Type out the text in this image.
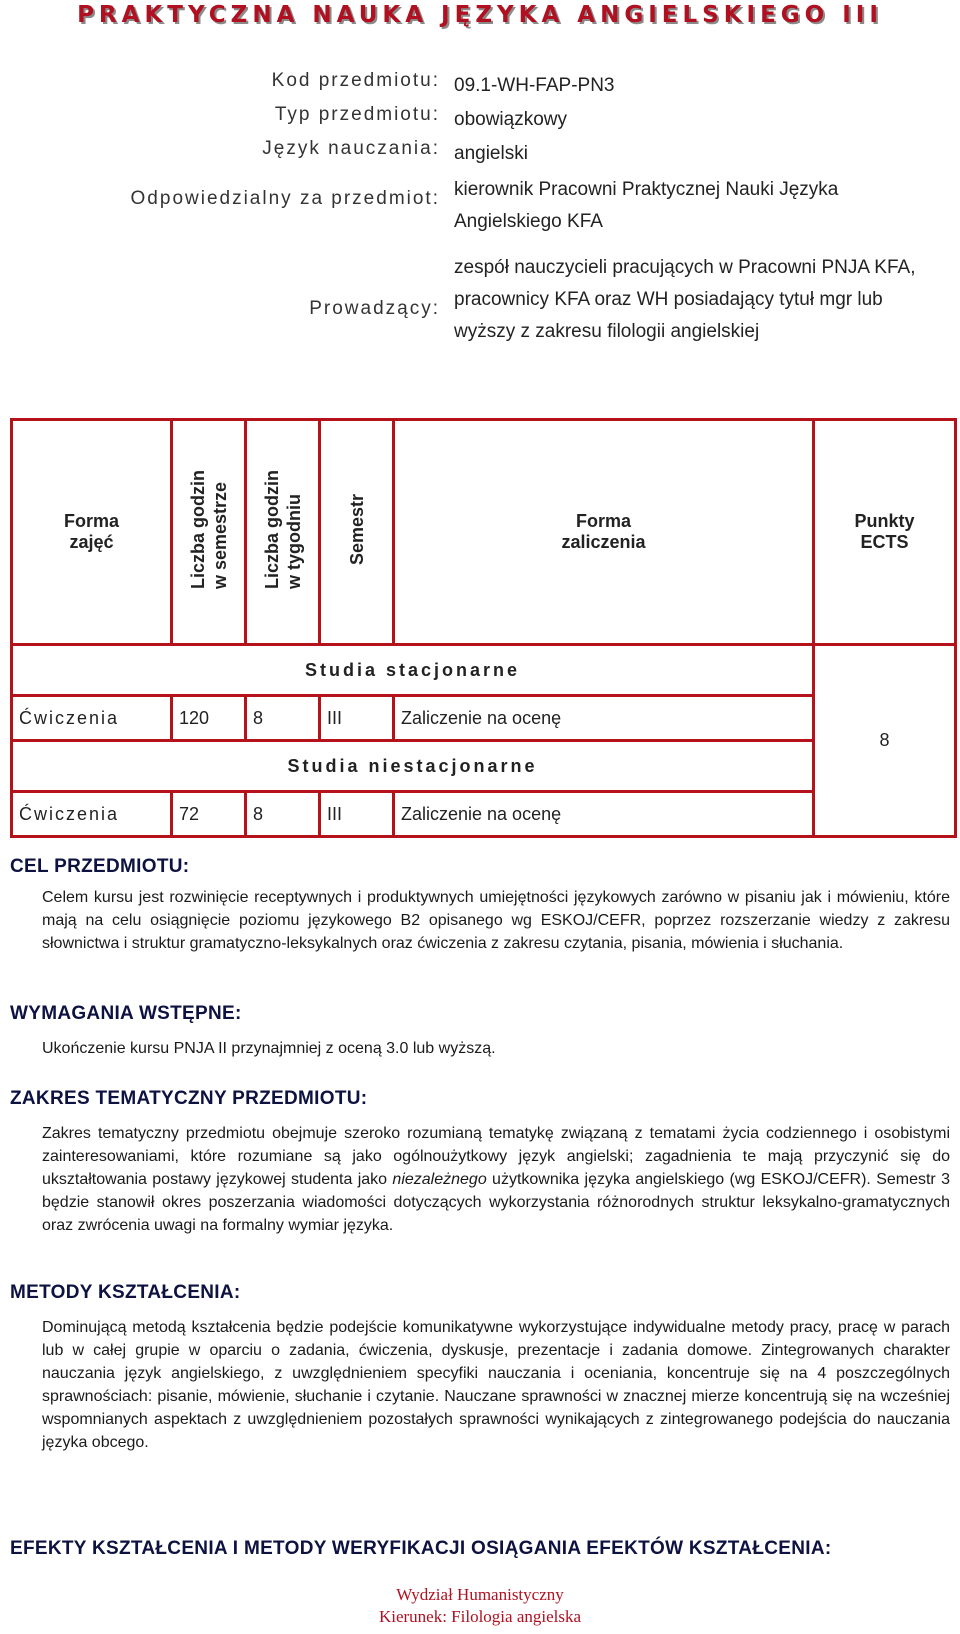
PRAKTYCZNA NAUKA JĘZYKA ANGIELSKIEGO III
Kod przedmiotu: 09.1-WH-FAP-PN3
Typ przedmiotu: obowiązkowy
Język nauczania: angielski
Odpowiedzialny za przedmiot: kierownik Pracowni Praktycznej Nauki Języka Angielskiego KFA
Prowadzący:
zespół nauczycieli pracujących w Pracowni PNJA KFA, pracownicy KFA oraz WH posiadający tytuł mgr lub wyższy z zakresu filologii angielskiej
Forma
zajęć	Liczba godzin w semestrze	Liczba godzin w tygodniu	Semestr	Forma
zaliczenia	Punkty
ECTS
Studia stacjonarne					8
Ćwiczenia	120	8	III	Zaliczenie na ocenę	
Studia niestacjonarne					
Ćwiczenia	72	8	III	Zaliczenie na ocenę	
CEL PRZEDMIOTU:

Celem kursu jest rozwinięcie receptywnych i produktywnych umiejętności językowych zarówno w pisaniu jak i mówieniu, które mają na celu osiągnięcie poziomu językowego B2 opisanego wg ESKOJ/CEFR, poprzez rozszerzanie wiedzy z zakresu słownictwa i struktur gramatyczno-leksykalnych oraz ćwiczenia z zakresu czytania, pisania, mówienia i słuchania.

WYMAGANIA WSTĘPNE:

Ukończenie kursu PNJA II przynajmniej z oceną 3.0 lub wyższą.

ZAKRES TEMATYCZNY PRZEDMIOTU:

Zakres tematyczny przedmiotu obejmuje szeroko rozumianą tematykę związaną z tematami życia codziennego i osobistymi zainteresowaniami, które rozumiane są jako ogólnoużytkowy język angielski; zagadnienia te mają przyczynić się do ukształtowania postawy językowej studenta jako niezależnego użytkownika języka angielskiego (wg ESKOJ/CEFR). Semestr 3 będzie stanowił okres poszerzania wiadomości dotyczących wykorzystania różnorodnych struktur leksykalno-gramatycznych oraz zwrócenia uwagi na formalny wymiar języka.

METODY KSZTAŁCENIA:

Dominującą metodą kształcenia będzie podejście komunikatywne wykorzystujące indywidualne metody pracy, pracę w parach lub w całej grupie w oparciu o zadania, ćwiczenia, dyskusje, prezentacje i zadania domowe. Zintegrowanych charakter nauczania język angielskiego, z uwzględnieniem specyfiki nauczania i oceniania, koncentruje się na 4 poszczególnych sprawnościach: pisanie, mówienie, słuchanie i czytanie. Nauczane sprawności w znacznej mierze koncentrują się na wcześniej wspomnianych aspektach z uwzględnieniem pozostałych sprawności wynikających z zintegrowanego podejścia do nauczania języka obcego.

EFEKTY KSZTAŁCENIA I METODY WERYFIKACJI OSIĄGANIA EFEKTÓW KSZTAŁCENIA:
Wydział Humanistyczny
Kierunek: Filologia angielska
